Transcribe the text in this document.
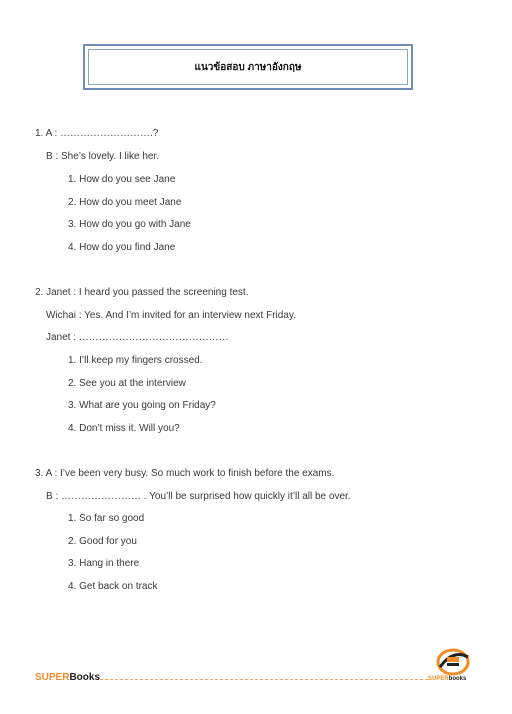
แนวข้อสอบ ภาษาอังกฤษ
1. A : ……………………….?
B : She’s lovely. I like her.
1. How do you see Jane
2. How do you meet Jane
3. How do you go with Jane
4. How do you find Jane
2. Janet : I heard you passed the screening test.
Wichai : Yes. And I’m invited for an interview next Friday.
Janet : ………………………………………
1. I’ll keep my fingers crossed.
2. See you at the interview
3. What are you going on Friday?
4. Don’t miss it. Will you?
3. A : I’ve been very busy. So much work to finish before the exams.
B : …………………… . You’ll be surprised how quickly it’ll all be over.
1. So far so good
2. Good for you
3. Hang in there
4. Get back on track
SUPERBooks	SUPERbooks
